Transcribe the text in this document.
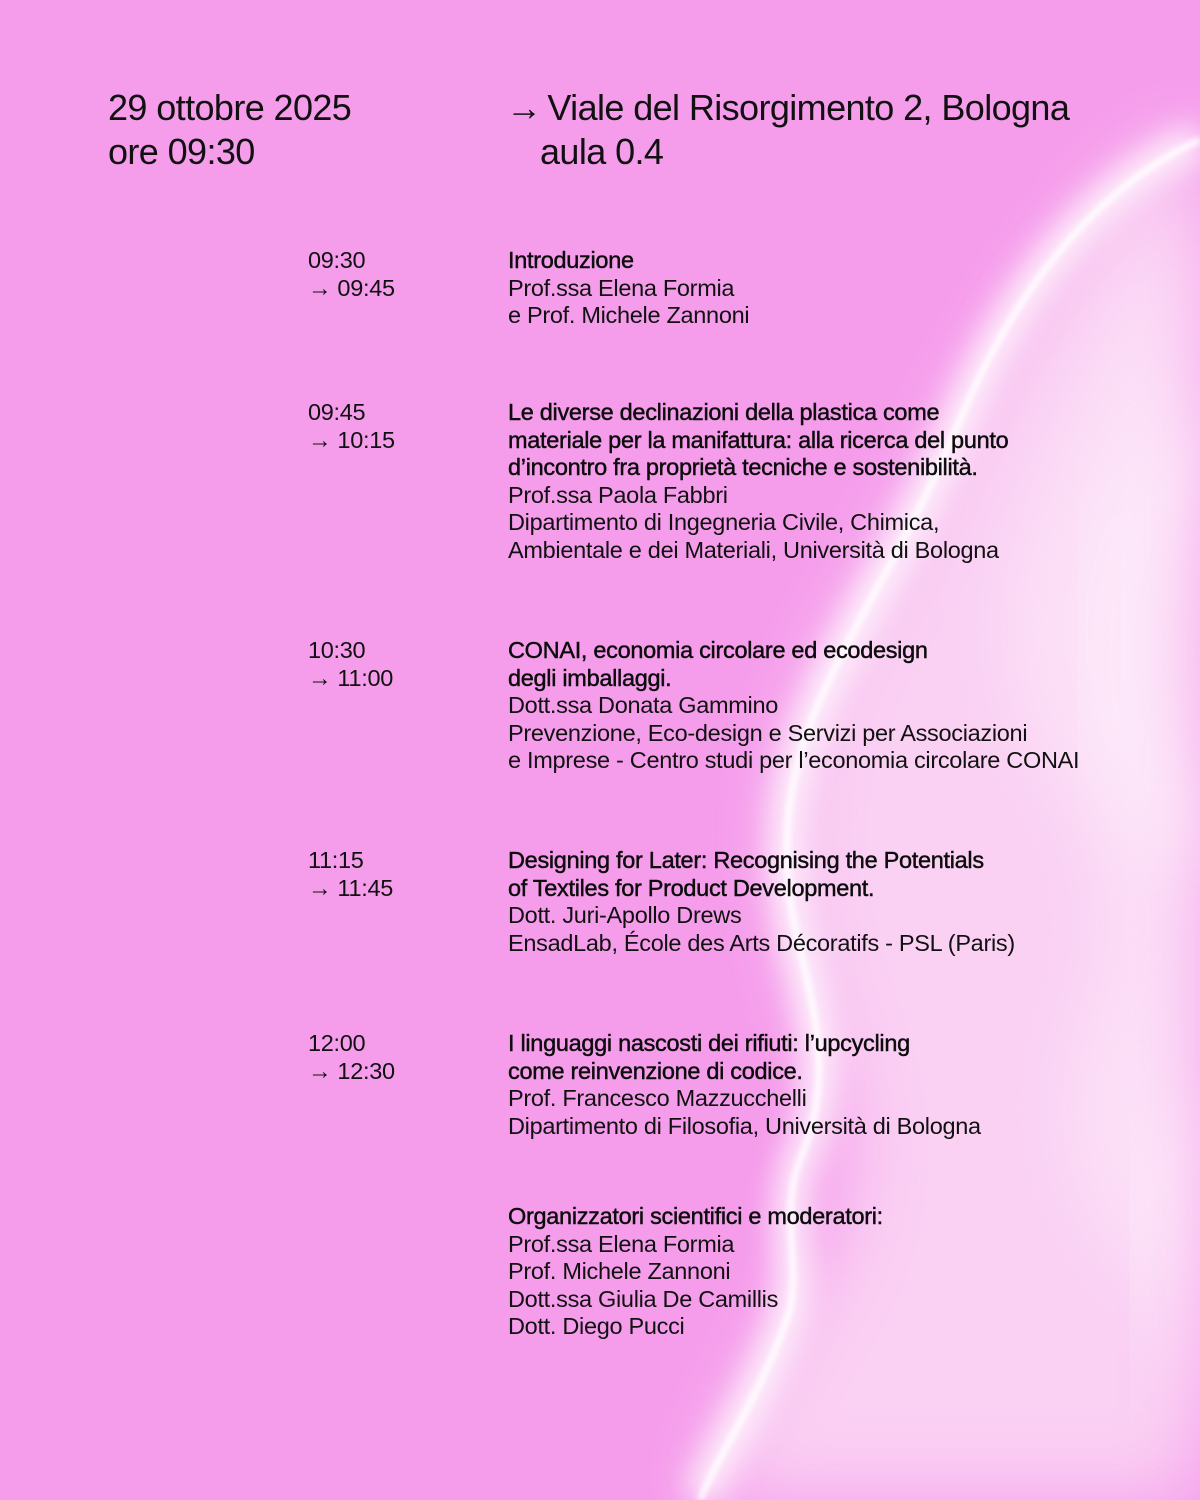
29 ottobre 2025
ore 09:30
→ Viale del Risorgimento 2, Bologna
aula 0.4
09:30
→ 09:45
Introduzione
Prof.ssa Elena Formia
e Prof. Michele Zannoni
09:45
→ 10:15
Le diverse declinazioni della plastica come
materiale per la manifattura: alla ricerca del punto
d’incontro fra proprietà tecniche e sostenibilità.
Prof.ssa Paola Fabbri
Dipartimento di Ingegneria Civile, Chimica,
Ambientale e dei Materiali, Università di Bologna
10:30
→ 11:00
CONAI, economia circolare ed ecodesign
degli imballaggi.
Dott.ssa Donata Gammino
Prevenzione, Eco-design e Servizi per Associazioni
e Imprese - Centro studi per l’economia circolare CONAI
11:15
→ 11:45
Designing for Later: Recognising the Potentials
of Textiles for Product Development.
Dott. Juri-Apollo Drews
EnsadLab, École des Arts Décoratifs - PSL (Paris)
12:00
→ 12:30
I linguaggi nascosti dei rifiuti: l’upcycling
come reinvenzione di codice.
Prof. Francesco Mazzucchelli
Dipartimento di Filosofia, Università di Bologna
Organizzatori scientifici e moderatori:
Prof.ssa Elena Formia
Prof. Michele Zannoni
Dott.ssa Giulia De Camillis
Dott. Diego Pucci
